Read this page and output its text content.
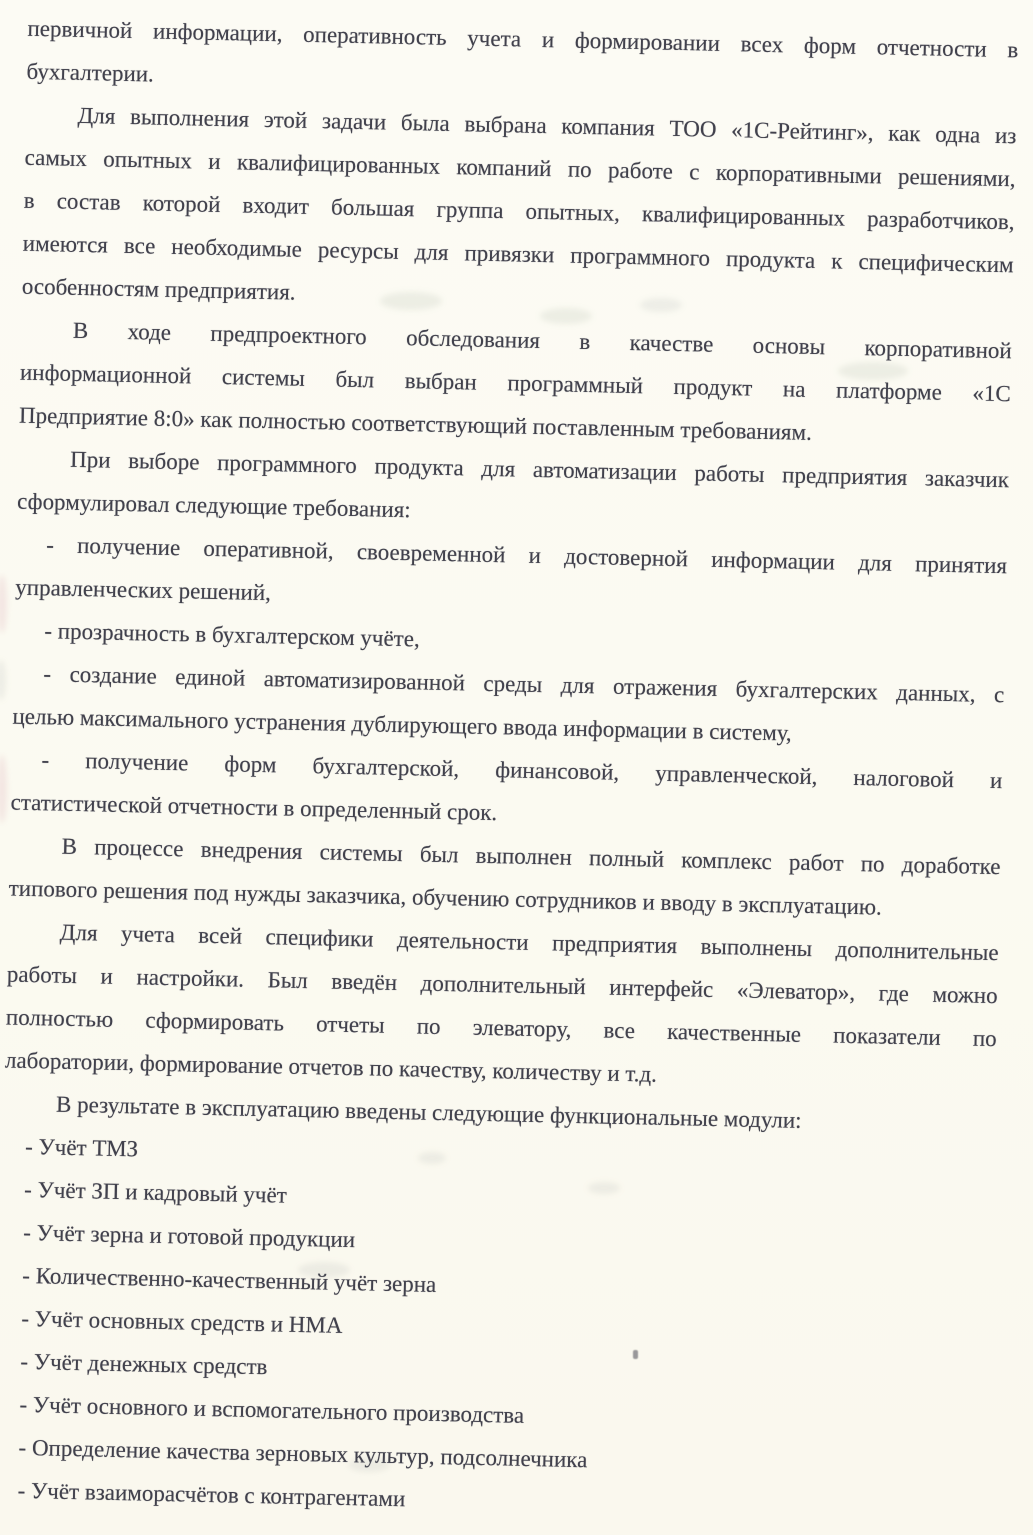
первичной информации, оперативность учета и формировании всех форм отчетности в
бухгалтерии.
Для выполнения этой задачи была выбрана компания ТОО «1С-Рейтинг», как одна из
самых опытных и квалифицированных компаний по работе с корпоративными решениями,
в состав которой входит большая группа опытных, квалифицированных разработчиков,
имеются все необходимые ресурсы для привязки программного продукта к специфическим
особенностям предприятия.
В ходе предпроектного обследования в качестве основы корпоративной
информационной системы был выбран программный продукт на платформе «1С
Предприятие 8:0» как полностью соответствующий поставленным требованиям.
При выборе программного продукта для автоматизации работы предприятия заказчик
сформулировал следующие требования:
- получение оперативной, своевременной и достоверной информации для принятия
управленческих решений,
- прозрачность в бухгалтерском учёте,
- создание единой автоматизированной среды для отражения бухгалтерских данных, с
целью максимального устранения дублирующего ввода информации в систему,
- получение форм бухгалтерской, финансовой, управленческой, налоговой и
статистической отчетности в определенный срок.
В процессе внедрения системы был выполнен полный комплекс работ по доработке
типового решения под нужды заказчика, обучению сотрудников и вводу в эксплуатацию.
Для учета всей специфики деятельности предприятия выполнены дополнительные
работы и настройки. Был введён дополнительный интерфейс «Элеватор», где можно
полностью сформировать отчеты по элеватору, все качественные показатели по
лаборатории, формирование отчетов по качеству, количеству и т.д.
В результате в эксплуатацию введены следующие функциональные модули:
- Учёт ТМЗ
- Учёт ЗП и кадровый учёт
- Учёт зерна и готовой продукции
- Количественно-качественный учёт зерна
- Учёт основных средств и НМА
- Учёт денежных средств
- Учёт основного и вспомогательного производства
- Определение качества зерновых культур, подсолнечника
- Учёт взаиморасчётов с контрагентами
